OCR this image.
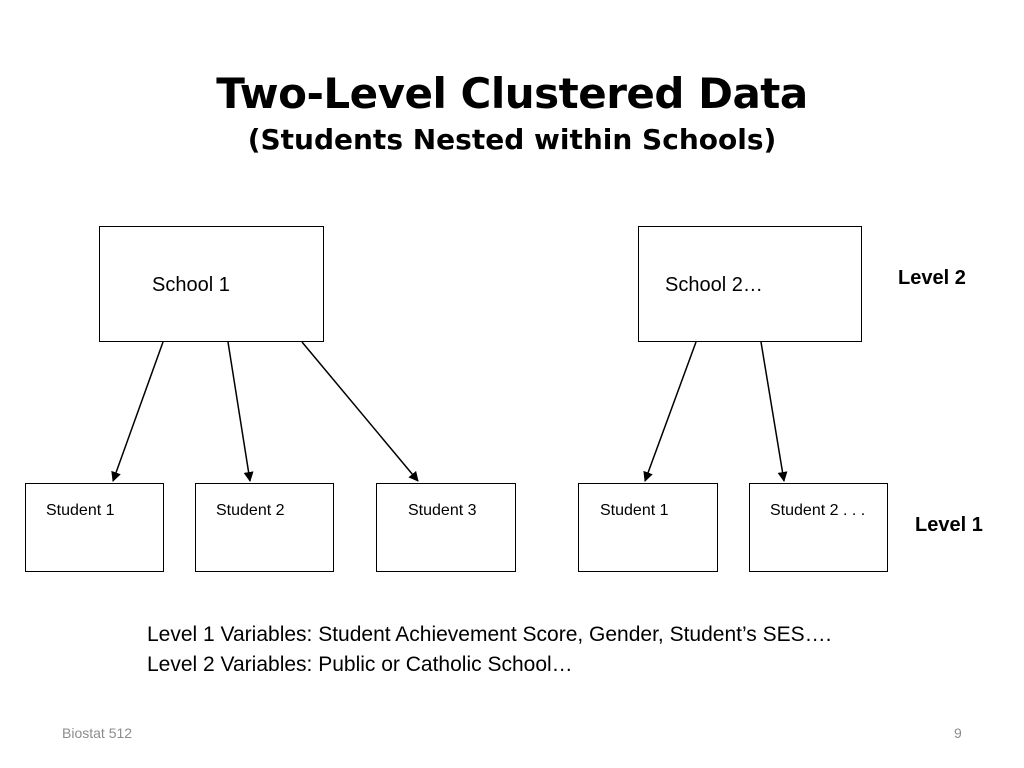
Two-Level Clustered Data
(Students Nested within Schools)
School 1	School 2…
Student 1	Student 2	Student 3	Student 1	Student 2 . . .
Level 2
Level 1
Level 1 Variables: Student Achievement Score, Gender, Student’s SES….
Level 2 Variables: Public or Catholic School…
Biostat 512	9
